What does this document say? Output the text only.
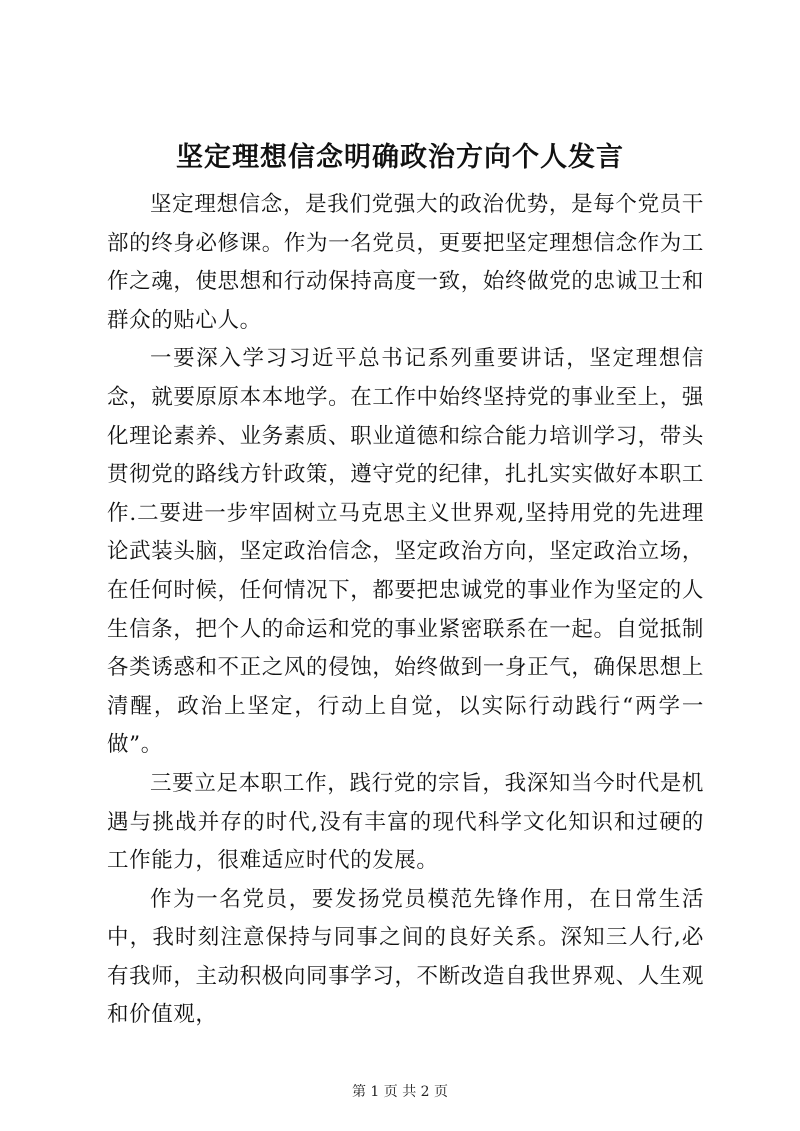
坚定理想信念明确政治方向个人发言

坚定理想信念，是我们党强大的政治优势，是每个党员干部的终身必修课。作为一名党员，更要把坚定理想信念作为工作之魂，使思想和行动保持高度一致，始终做党的忠诚卫士和群众的贴心人。

一要深入学习习近平总书记系列重要讲话，坚定理想信念，就要原原本本地学。在工作中始终坚持党的事业至上，强化理论素养、业务素质、职业道德和综合能力培训学习，带头贯彻党的路线方针政策，遵守党的纪律，扎扎实实做好本职工作.二要进一步牢固树立马克思主义世界观,坚持用党的先进理论武装头脑，坚定政治信念，坚定政治方向，坚定政治立场，在任何时候，任何情况下，都要把忠诚党的事业作为坚定的人生信条，把个人的命运和党的事业紧密联系在一起。自觉抵制各类诱惑和不正之风的侵蚀，始终做到一身正气，确保思想上清醒，政治上坚定，行动上自觉，以实际行动践行“两学一做”。

三要立足本职工作，践行党的宗旨，我深知当今时代是机遇与挑战并存的时代,没有丰富的现代科学文化知识和过硬的工作能力，很难适应时代的发展。

作为一名党员，要发扬党员模范先锋作用，在日常生活中，我时刻注意保持与同事之间的良好关系。深知三人行,必有我师，主动积极向同事学习，不断改造自我世界观、人生观和价值观，

第 1 页 共 2 页
